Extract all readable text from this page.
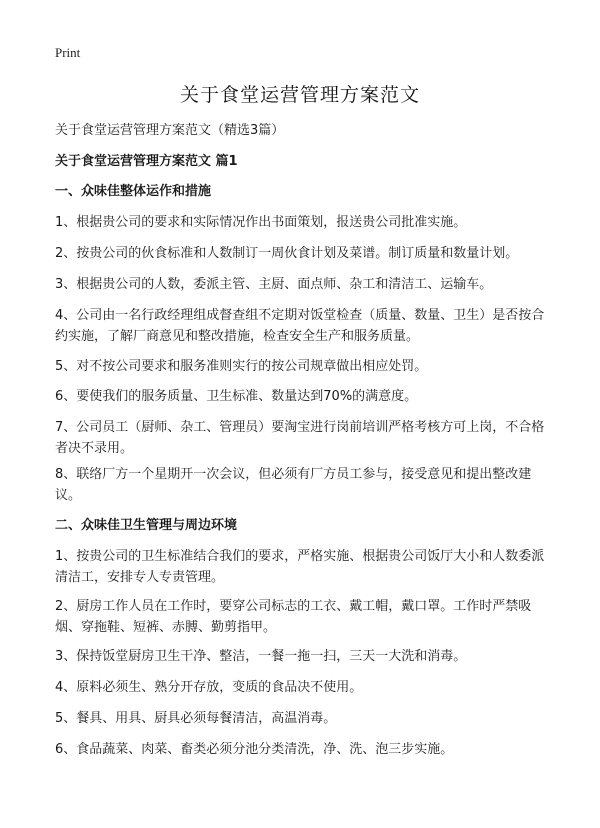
Print
关于食堂运营管理方案范文
关于食堂运营管理方案范文（精选3篇）
关于食堂运营管理方案范文 篇1
一、众味佳整体运作和措施
1、根据贵公司的要求和实际情况作出书面策划，报送贵公司批准实施。
2、按贵公司的伙食标准和人数制订一周伙食计划及菜谱。制订质量和数量计划。
3、根据贵公司的人数，委派主管、主厨、面点师、杂工和清洁工、运输车。
4、公司由一名行政经理组成督查组不定期对饭堂检查（质量、数量、卫生）是否按合约实施，了解厂商意见和整改措施，检查安全生产和服务质量。
5、对不按公司要求和服务准则实行的按公司规章做出相应处罚。
6、要使我们的服务质量、卫生标准、数量达到70%的满意度。
7、公司员工（厨师、杂工、管理员）要淘宝进行岗前培训严格考核方可上岗，不合格者决不录用。
8、联络厂方一个星期开一次会议，但必须有厂方员工参与，接受意见和提出整改建议。
二、众味佳卫生管理与周边环境
1、按贵公司的卫生标准结合我们的要求，严格实施、根据贵公司饭厅大小和人数委派清洁工，安排专人专责管理。
2、厨房工作人员在工作时，要穿公司标志的工衣、戴工帽，戴口罩。工作时严禁吸烟、穿拖鞋、短裤、赤膊、勤剪指甲。
3、保持饭堂厨房卫生干净、整洁，一餐一拖一扫，三天一大洗和消毒。
4、原料必须生、熟分开存放，变质的食品决不使用。
5、餐具、用具、厨具必须每餐清洁，高温消毒。
6、食品蔬菜、肉菜、畜类必须分池分类清洗，净、洗、泡三步实施。
